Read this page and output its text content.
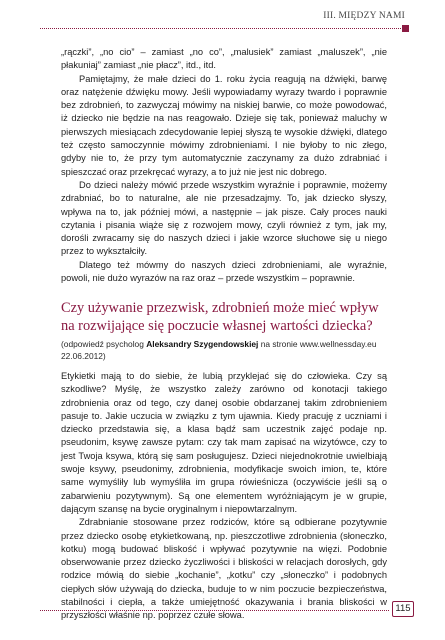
III. MIĘDZY NAMI

„rączki”, „no cio” – zamiast „no co”, „malusiek” zamiast „maluszek”, „nie płakuniaj” zamiast „nie płacz”, itd., itd.

Pamiętajmy, że małe dzieci do 1. roku życia reagują na dźwięki, barwę oraz natężenie dźwięku mowy. Jeśli wypowiadamy wyrazy twardo i poprawnie bez zdrobnień, to zazwyczaj mówimy na niskiej barwie, co może powodować, iż dziecko nie będzie na nas reagowało. Dzieje się tak, ponieważ maluchy w pierwszych miesiącach zdecydowanie lepiej słyszą te wysokie dźwięki, dlatego też często samoczynnie mówimy zdrobnieniami. I nie byłoby to nic złego, gdyby nie to, że przy tym automatycznie zaczynamy za dużo zdrabniać i spieszczać oraz przekręcać wyrazy, a to już nie jest nic dobrego.

Do dzieci należy mówić przede wszystkim wyraźnie i poprawnie, możemy zdrabniać, bo to naturalne, ale nie przesadzajmy. To, jak dziecko słyszy, wpływa na to, jak później mówi, a następnie – jak pisze. Cały proces nauki czytania i pisania wiąże się z rozwojem mowy, czyli również z tym, jak my, dorośli zwracamy się do naszych dzieci i jakie wzorce słuchowe się u niego przez to wykształciły.

Dlatego też mówmy do naszych dzieci zdrobnieniami, ale wyraźnie, powoli, nie dużo wyrazów na raz oraz – przede wszystkim – poprawnie.

Czy używanie przezwisk, zdrobnień może mieć wpływ na rozwijające się poczucie własnej wartości dziecka?
(odpowiedź psycholog Aleksandry Szygendowskiej na stronie www.wellnessday.eu 22.06.2012)

Etykietki mają to do siebie, że lubią przyklejać się do człowieka. Czy są szkodliwe? Myślę, że wszystko zależy zarówno od konotacji takiego zdrobnienia oraz od tego, czy danej osobie obdarzanej takim zdrobnieniem pasuje to. Jakie uczucia w związku z tym ujawnia. Kiedy pracuję z uczniami i dziecko przedstawia się, a klasa bądź sam uczestnik zajęć podaje np. pseudonim, ksywę zawsze pytam: czy tak mam zapisać na wizytówce, czy to jest Twoja ksywa, którą się sam posługujesz. Dzieci niejednokrotnie uwielbiają swoje ksywy, pseudonimy, zdrobnienia, modyfikacje swoich imion, te, które same wymyśliły lub wymyśliła im grupa rówieśnicza (oczywiście jeśli są o zabarwieniu pozytywnym). Są one elementem wyróżniającym je w grupie, dającym szansę na bycie oryginalnym i niepowtarzalnym.

Zdrabnianie stosowane przez rodziców, które są odbierane pozytywnie przez dziecko osobę etykietkowaną, np. pieszczotliwe zdrobnienia (słoneczko, kotku) mogą budować bliskość i wpływać pozytywnie na więzi. Podobnie obserwowanie przez dziecko życzliwości i bliskości w relacjach dorosłych, gdy rodzice mówią do siebie „kochanie”, „kotku” czy „słoneczko” i podobnych ciepłych słów używają do dziecka, buduje to w nim poczucie bezpieczeństwa, stabilności i ciepła, a także umiejętność okazywania i brania bliskości w przyszłości właśnie np. poprzez czułe słowa.

115
